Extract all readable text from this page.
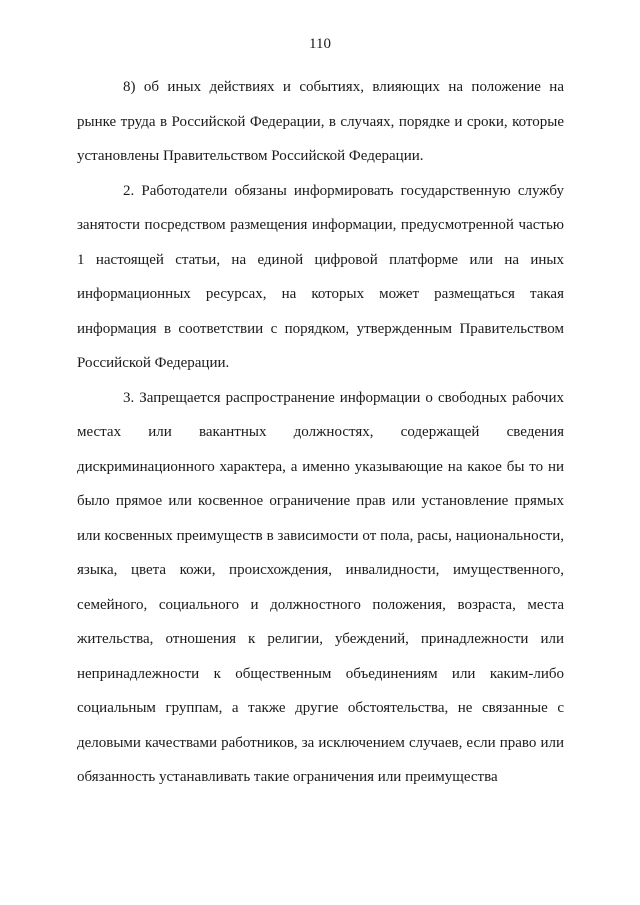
110

8) об иных действиях и событиях, влияющих на положение на рынке труда в Российской Федерации, в случаях, порядке и сроки, которые установлены Правительством Российской Федерации.

2. Работодатели обязаны информировать государственную службу занятости посредством размещения информации, предусмотренной частью 1 настоящей статьи, на единой цифровой платформе или на иных информационных ресурсах, на которых может размещаться такая информация в соответствии с порядком, утвержденным Правительством Российской Федерации.

3. Запрещается распространение информации о свободных рабочих местах или вакантных должностях, содержащей сведения дискриминационного характера, а именно указывающие на какое бы то ни было прямое или косвенное ограничение прав или установление прямых или косвенных преимуществ в зависимости от пола, расы, национальности, языка, цвета кожи, происхождения, инвалидности, имущественного, семейного, социального и должностного положения, возраста, места жительства, отношения к религии, убеждений, принадлежности или непринадлежности к общественным объединениям или каким-либо социальным группам, а также другие обстоятельства, не связанные с деловыми качествами работников, за исключением случаев, если право или обязанность устанавливать такие ограничения или преимущества
